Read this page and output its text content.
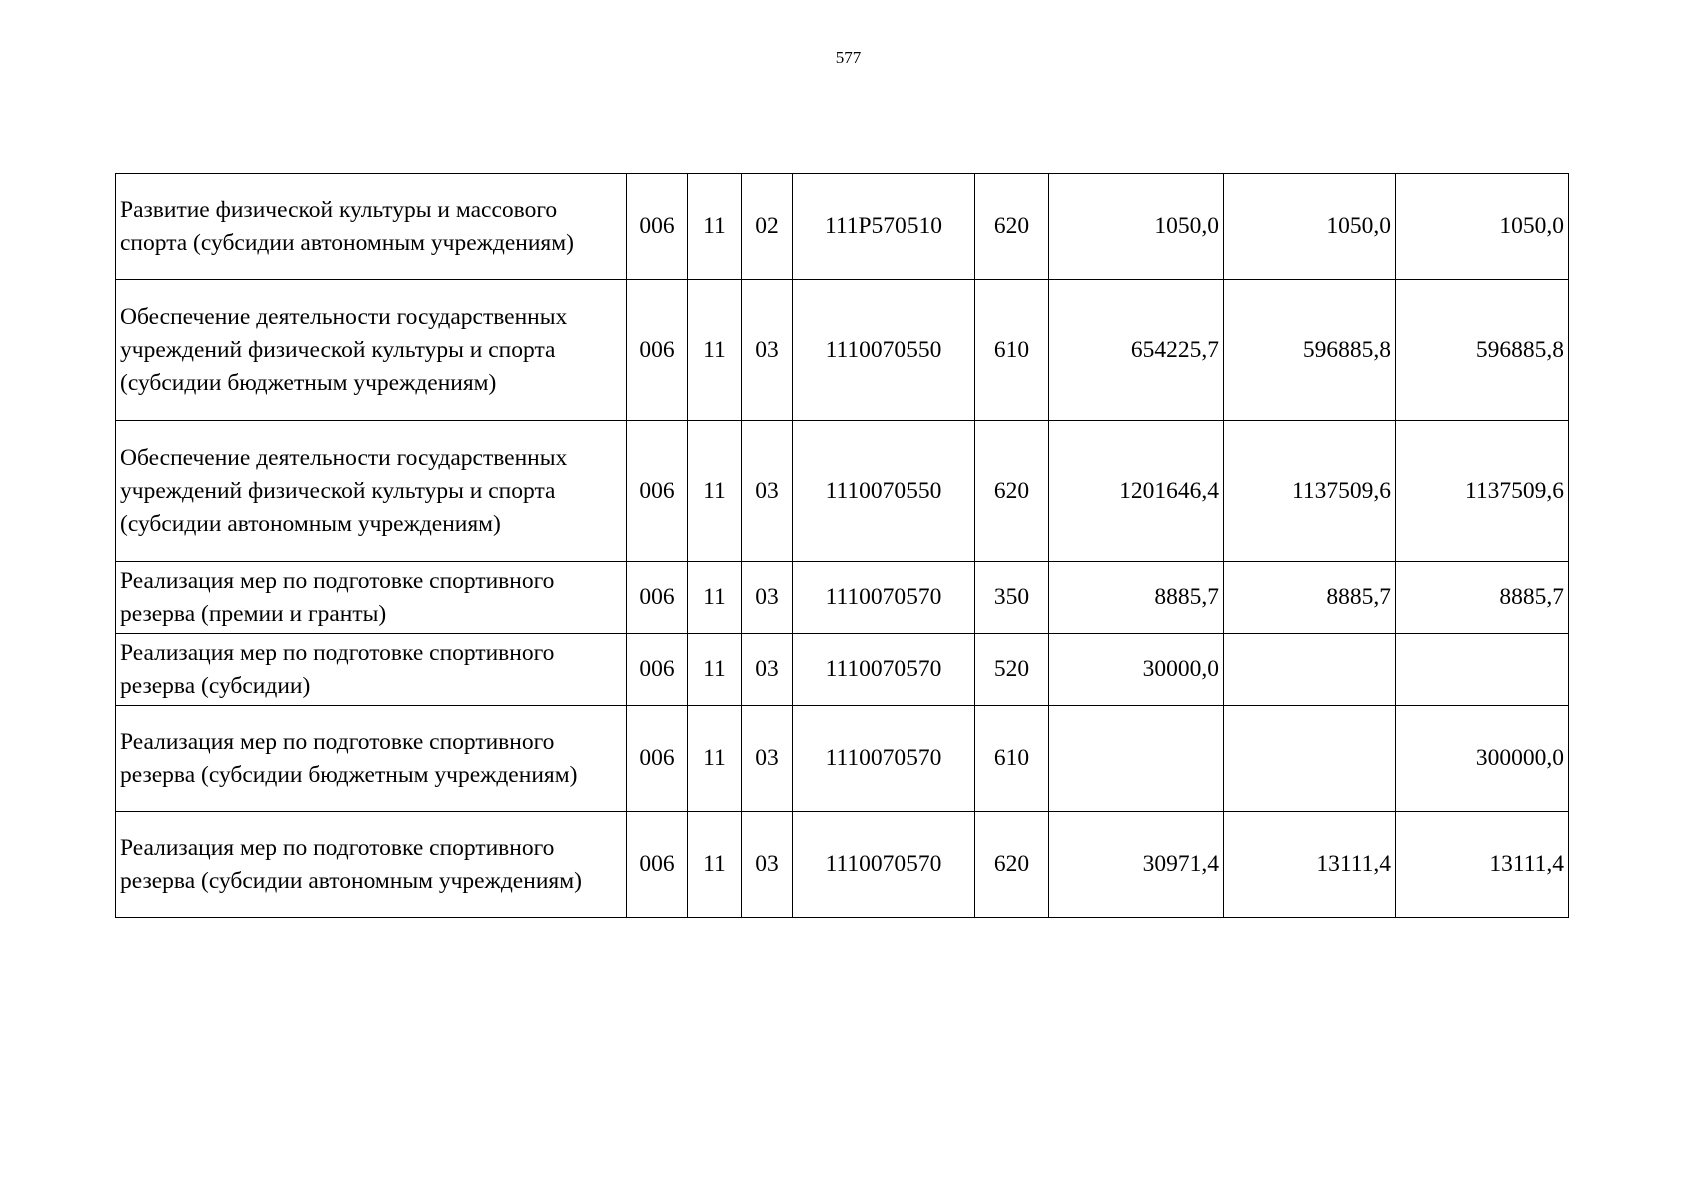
577
Развитие физической культуры и массового спорта (субсидии автономным учреждениям)	006	11	02	111P570510	620	1050,0	1050,0	1050,0
Обеспечение деятельности государственных учреждений физической культуры и спорта (субсидии бюджетным учреждениям)	006	11	03	1110070550	610	654225,7	596885,8	596885,8
Обеспечение деятельности государственных учреждений физической культуры и спорта (субсидии автономным учреждениям)	006	11	03	1110070550	620	1201646,4	1137509,6	1137509,6
Реализация мер по подготовке спортивного резерва (премии и гранты)	006	11	03	1110070570	350	8885,7	8885,7	8885,7
Реализация мер по подготовке спортивного резерва (субсидии)	006	11	03	1110070570	520	30000,0		
Реализация мер по подготовке спортивного резерва (субсидии бюджетным учреждениям)	006	11	03	1110070570	610			300000,0
Реализация мер по подготовке спортивного резерва (субсидии автономным учреждениям)	006	11	03	1110070570	620	30971,4	13111,4	13111,4
